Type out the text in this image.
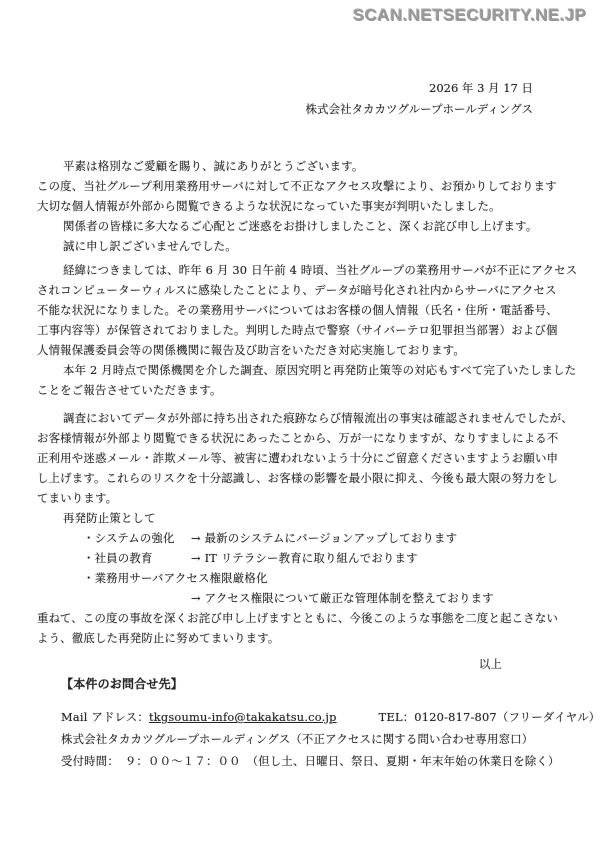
SCAN.NETSECURITY.NE.JP
2026 年 3 月 17 日
株式会社タカカツグループホールディングス
平素は格別なご愛顧を賜り、誠にありがとうございます。
この度、当社グループ利用業務用サーバに対して不正なアクセス攻撃により、お預かりしております
大切な個人情報が外部から閲覧できるような状況になっていた事実が判明いたしました。
関係者の皆様に多大なるご心配とご迷惑をお掛けしましたこと、深くお詫び申し上げます。
誠に申し訳ございませんでした。
経緯につきましては、昨年 6 月 30 日午前 4 時頃、当社グループの業務用サーバが不正にアクセス
されコンピューターウィルスに感染したことにより、データが暗号化され社内からサーバにアクセス
不能な状況になりました。その業務用サーバについてはお客様の個人情報（氏名・住所・電話番号、
工事内容等）が保管されておりました。判明した時点で警察（サイバーテロ犯罪担当部署）および個
人情報保護委員会等の関係機関に報告及び助言をいただき対応実施しております。
本年 2 月時点で関係機関を介した調査、原因究明と再発防止策等の対応もすべて完了いたしました
ことをご報告させていただきます。
調査においてデータが外部に持ち出された痕跡ならび情報流出の事実は確認されませんでしたが、
お客様情報が外部より閲覧できる状況にあったことから、万が一になりますが、なりすましによる不
正利用や迷惑メール・詐欺メール等、被害に遭われないよう十分にご留意くださいますようお願い申
し上げます。これらのリスクを十分認識し、お客様の影響を最小限に抑え、今後も最大限の努力をし
てまいります。
再発防止策として
・システムの強化	→ 最新のシステムにバージョンアップしております
・社員の教育	→ IT リテラシー教育に取り組んでおります
・業務用サーバアクセス権限厳格化
→ アクセス権限について厳正な管理体制を整えております
重ねて、この度の事故を深くお詫び申し上げますとともに、今後このような事態を二度と起こさない
よう、徹底した再発防止に努めてまいります。
以上
【本件のお問合せ先】
Mail アドレス：tkgsoumu-info@takakatsu.co.jp	TEL：0120-817-807（フリーダイヤル）
株式会社タカカツグループホールディングス（不正アクセスに関する問い合わせ専用窓口）
受付時間：　９：００～１７：００　（但し土、日曜日、祭日、夏期・年末年始の休業日を除く）
